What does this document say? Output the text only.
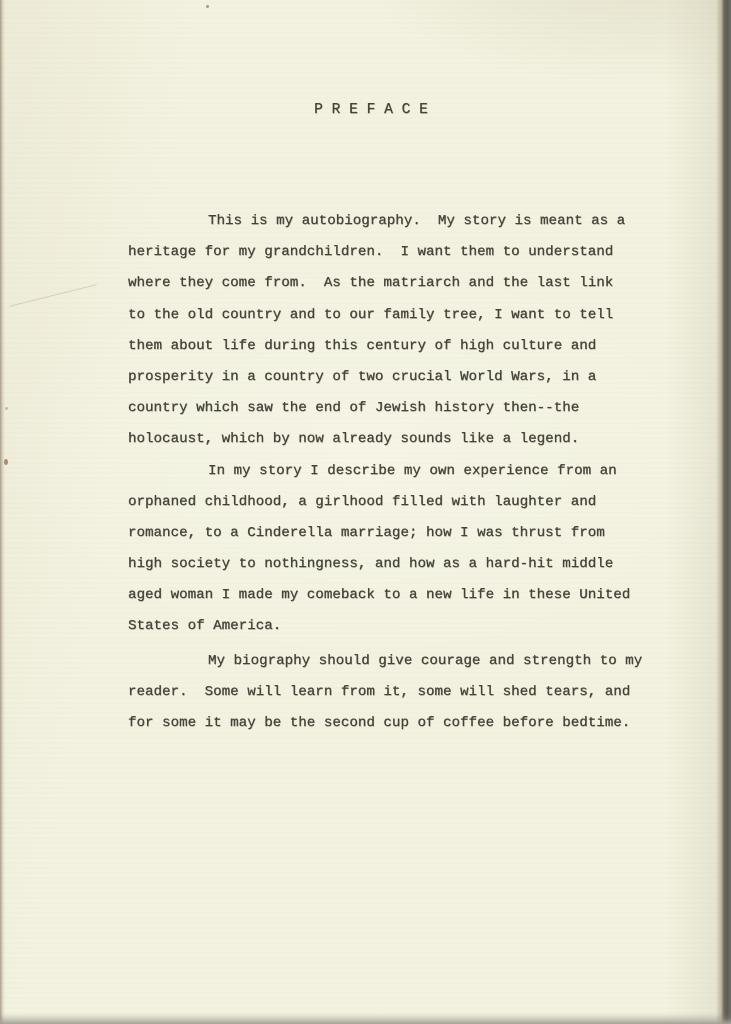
P R E F A C E
This is my autobiography.  My story is meant as a
heritage for my grandchildren.  I want them to understand
where they come from.  As the matriarch and the last link
to the old country and to our family tree, I want to tell
them about life during this century of high culture and
prosperity in a country of two crucial World Wars, in a
country which saw the end of Jewish history then--the
holocaust, which by now already sounds like a legend.
In my story I describe my own experience from an
orphaned childhood, a girlhood filled with laughter and
romance, to a Cinderella marriage; how I was thrust from
high society to nothingness, and how as a hard-hit middle
aged woman I made my comeback to a new life in these United
States of America.
My biography should give courage and strength to my
reader.  Some will learn from it, some will shed tears, and
for some it may be the second cup of coffee before bedtime.
